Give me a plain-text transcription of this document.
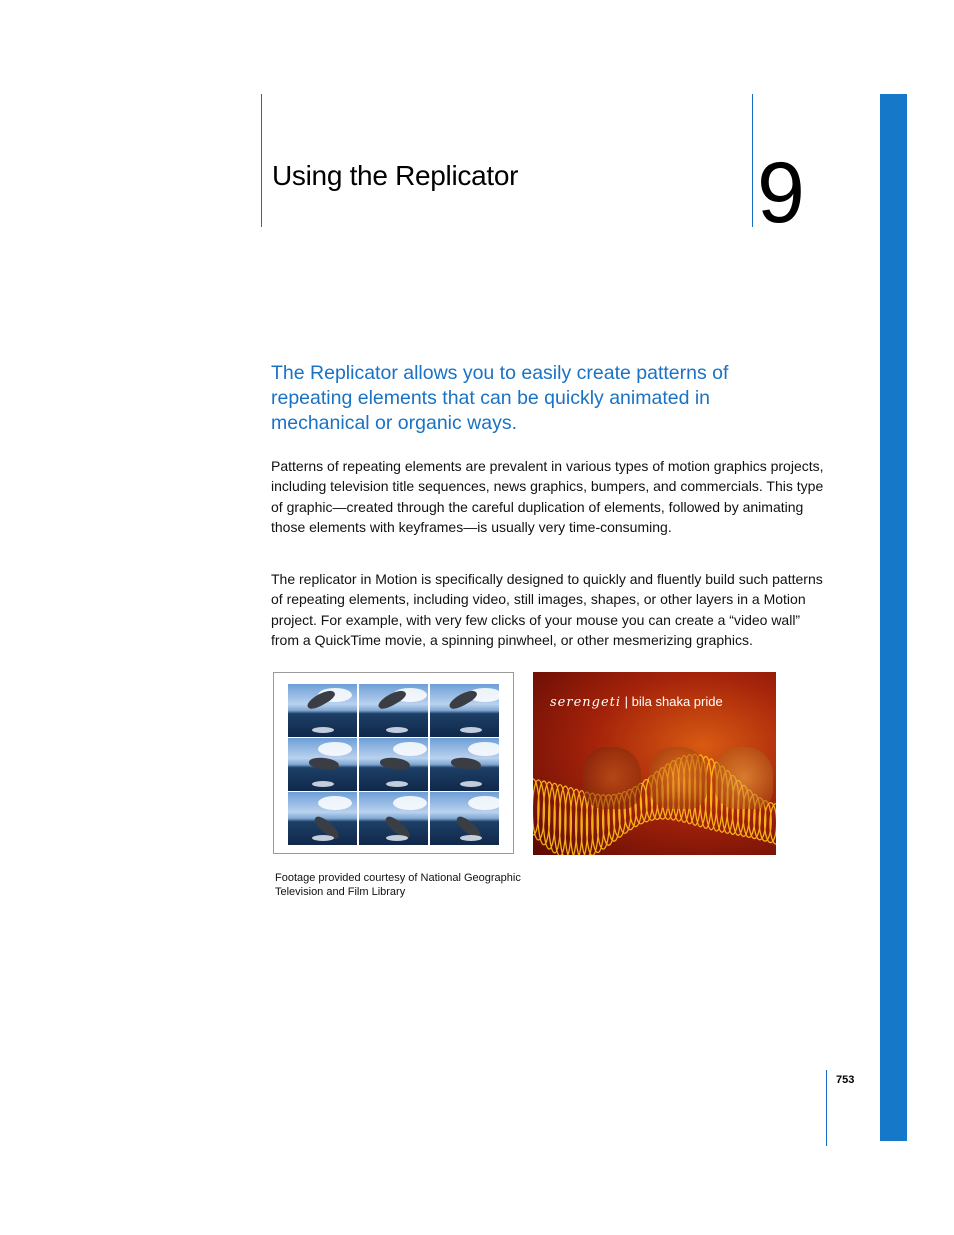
Using the Replicator	9

The Replicator allows you to easily create patterns of repeating elements that can be quickly animated in mechanical or organic ways.

Patterns of repeating elements are prevalent in various types of motion graphics projects, including television title sequences, news graphics, bumpers, and commercials. This type of graphic—created through the careful duplication of elements, followed by animating those elements with keyframes—is usually very time-consuming.

The replicator in Motion is specifically designed to quickly and fluently build such patterns of repeating elements, including video, still images, shapes, or other layers in a Motion project. For example, with very few clicks of your mouse you can create a “video wall” from a QuickTime movie, a spinning pinwheel, or other mesmerizing graphics.

serengeti | bila shaka pride

Footage provided courtesy of National Geographic Television and Film Library

753
